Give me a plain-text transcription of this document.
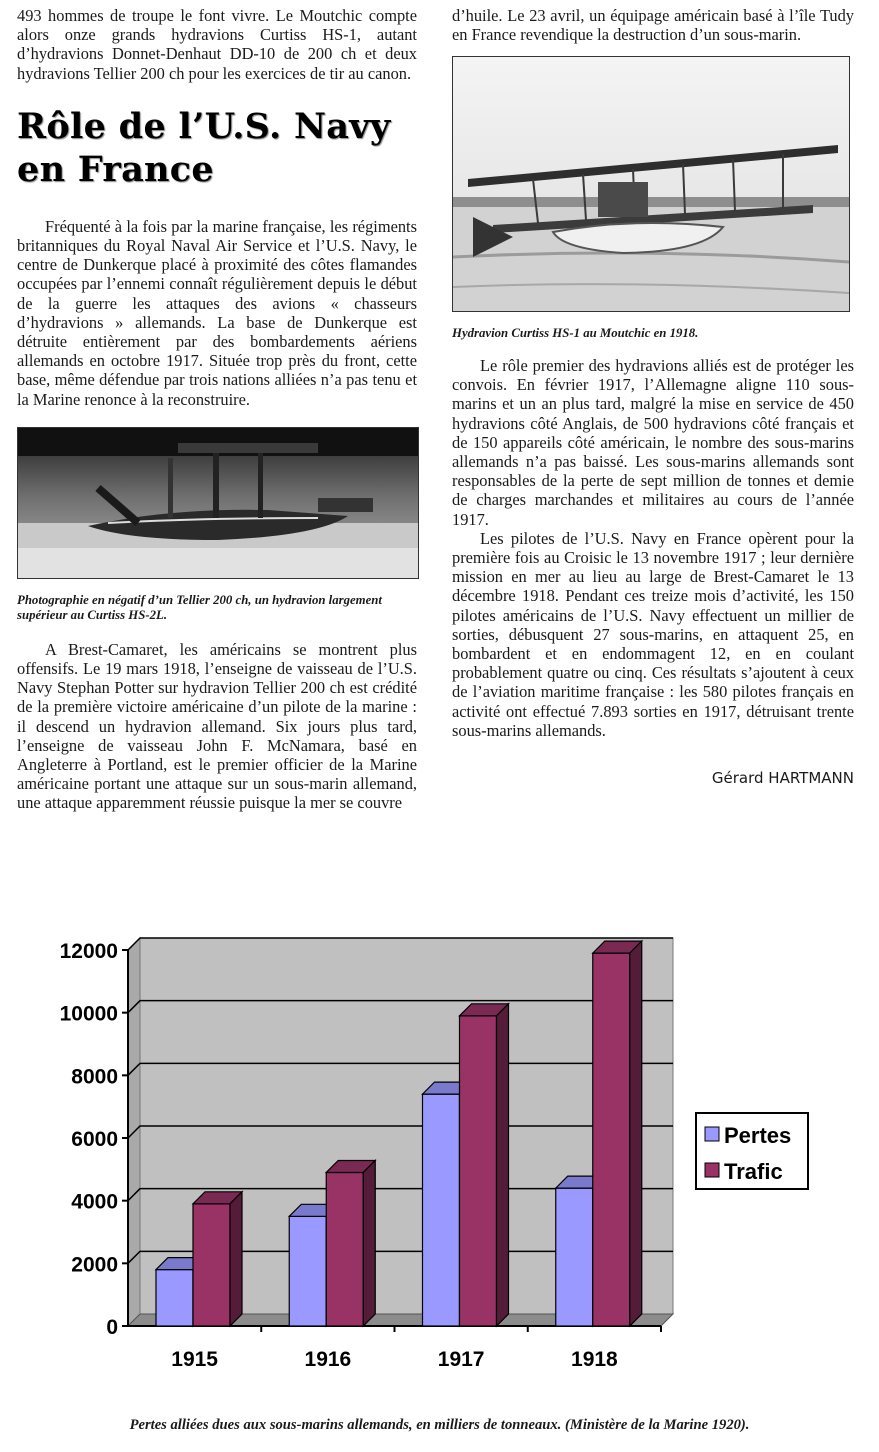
493 hommes de troupe le font vivre. Le Moutchic compte alors onze grands hydravions Curtiss HS-1, autant d’hydravions Donnet-Denhaut DD-10 de 200 ch et deux hydravions Tellier 200 ch pour les exercices de tir au canon.

Rôle de l’U.S. Navy en France

Fréquenté à la fois par la marine française, les régiments britanniques du Royal Naval Air Service et l’U.S. Navy, le centre de Dunkerque placé à proximité des côtes flamandes occupées par l’ennemi connaît régulièrement depuis le début de la guerre les attaques des avions « chasseurs d’hydravions » allemands. La base de Dunkerque est détruite entièrement par des bombardements aériens allemands en octobre 1917. Située trop près du front, cette base, même défendue par trois nations alliées n’a pas tenu et la Marine renonce à la reconstruire.

Photographie en négatif d’un Tellier 200 ch, un hydravion largement supérieur au Curtiss HS-2L.

A Brest-Camaret, les américains se montrent plus offensifs. Le 19 mars 1918, l’enseigne de vaisseau de l’U.S. Navy Stephan Potter sur hydravion Tellier 200 ch est crédité de la première victoire américaine d’un pilote de la marine : il descend un hydravion allemand. Six jours plus tard, l’enseigne de vaisseau John F. McNamara, basé en Angleterre à Portland, est le premier officier de la Marine américaine portant une attaque sur un sous-marin allemand, une attaque apparemment réussie puisque la mer se couvre

d’huile. Le 23 avril, un équipage américain basé à l’île Tudy en France revendique la destruction d’un sous-marin.

Hydravion Curtiss HS-1 au Moutchic en 1918.

Le rôle premier des hydravions alliés est de protéger les convois. En février 1917, l’Allemagne aligne 110 sous-marins et un an plus tard, malgré la mise en service de 450 hydravions côté Anglais, de 500 hydravions côté français et de 150 appareils côté américain, le nombre des sous-marins allemands n’a pas baissé. Les sous-marins allemands sont responsables de la perte de sept million de tonnes et demie de charges marchandes et militaires au cours de l’année 1917.

Les pilotes de l’U.S. Navy en France opèrent pour la première fois au Croisic le 13 novembre 1917 ; leur dernière mission en mer au lieu au large de Brest-Camaret le 13 décembre 1918. Pendant ces treize mois d’activité, les 150 pilotes américains de l’U.S. Navy effectuent un millier de sorties, débusquent 27 sous-marins, en attaquent 25, en bombardent et en endommagent 12, en en coulant probablement quatre ou cinq. Ces résultats s’ajoutent à ceux de l’aviation maritime française : les 580 pilotes français en activité ont effectué 7.893 sorties en 1917, détruisant trente sous-marins allemands.

Gérard HARTMANN

0
2000
4000
6000
8000
10000
12000
1915	1916	1917	1918
Pertes
Trafic

Pertes alliées dues aux sous-marins allemands, en milliers de tonneaux. (Ministère de la Marine 1920).
